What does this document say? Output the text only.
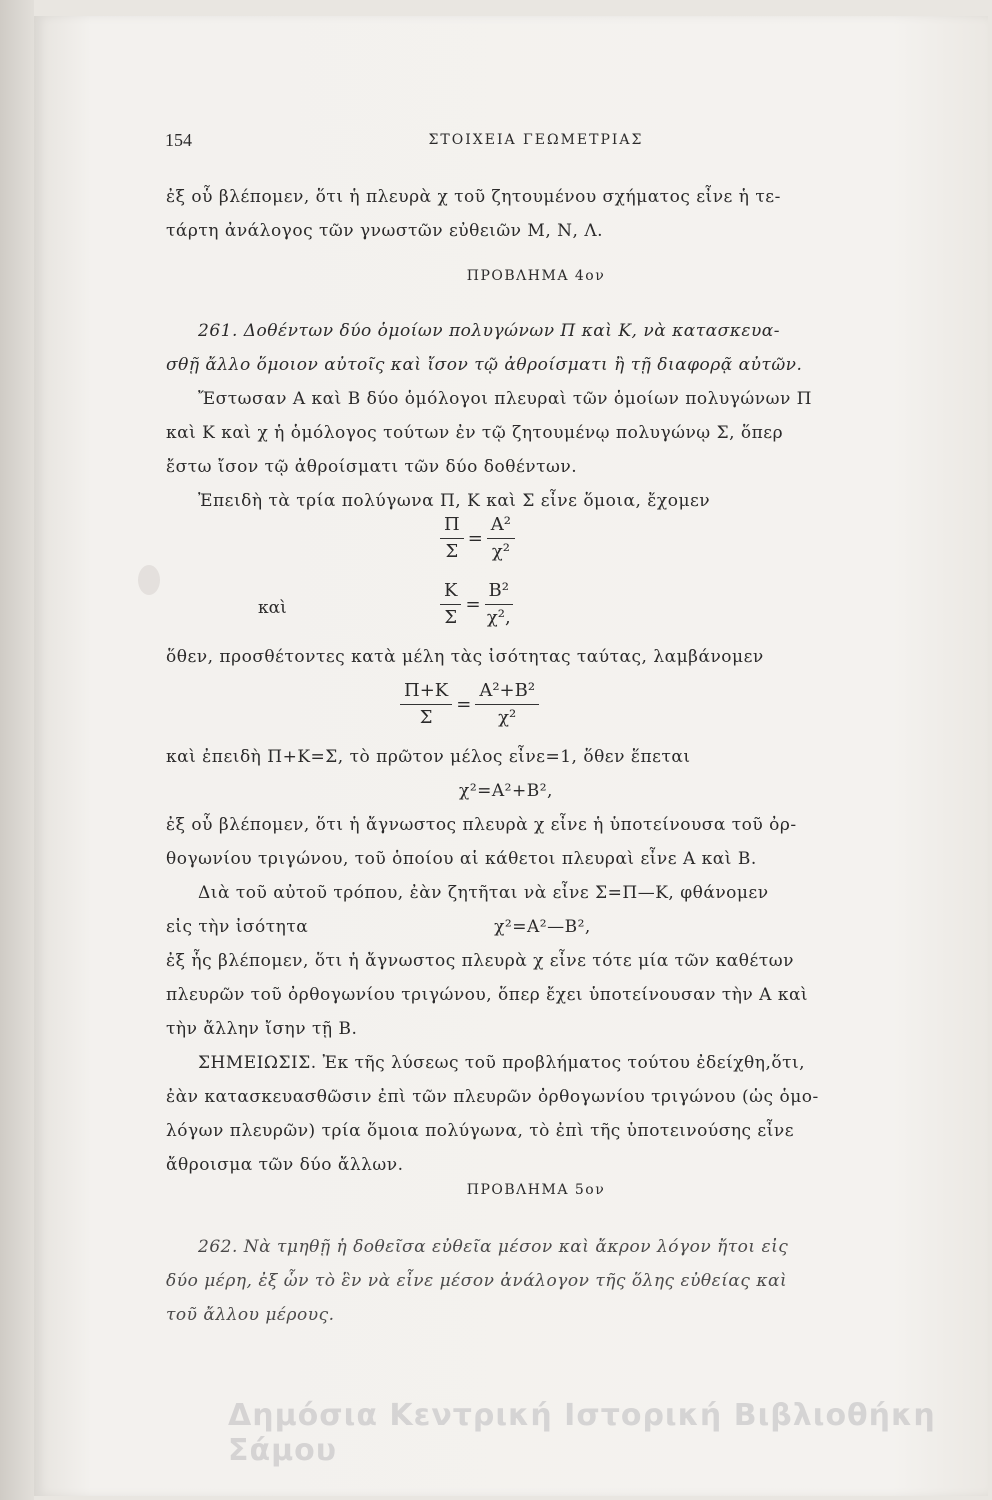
154	ΣΤΟΙΧΕΙΑ ΓΕΩΜΕΤΡΙΑΣ

ἐξ οὗ βλέπομεν, ὅτι ἡ πλευρὰ χ τοῦ ζητουμένου σχήματος εἶνε ἡ τε-

τάρτη ἀνάλογος τῶν γνωστῶν εὐθειῶν Μ, Ν, Λ.

ΠΡΟΒΛΗΜΑ 4ον

261. Δοθέντων δύο ὁμοίων πολυγώνων Π καὶ Κ, νὰ κατασκευα-

σθῇ ἄλλο ὅμοιον αὐτοῖς καὶ ἴσον τῷ ἀθροίσματι ἢ τῇ διαφορᾷ αὐτῶν.

Ἔστωσαν Α καὶ Β δύο ὁμόλογοι πλευραὶ τῶν ὁμοίων πολυγώνων Π

καὶ Κ καὶ χ ἡ ὁμόλογος τούτων ἐν τῷ ζητουμένῳ πολυγώνῳ Σ, ὅπερ

ἔστω ἴσον τῷ ἀθροίσματι τῶν δύο δοθέντων.

Ἐπειδὴ τὰ τρία πολύγωνα Π, Κ καὶ Σ εἶνε ὅμοια, ἔχομεν

$\frac{\Pi}{\Sigma} = \frac{\text{Α²}}{\text{χ²}}$
καὶ	$\frac{K}{\Sigma} = \frac{\text{Β²}}{\text{χ²,}}$

ὅθεν, προσθέτοντες κατὰ μέλη τὰς ἰσότητας ταύτας, λαμβάνομεν

$\frac{\Pi+K}{\Sigma} = \frac{\text{Α²+Β²}}{\text{χ²}}$

καὶ ἐπειδὴ Π+Κ=Σ, τὸ πρῶτον μέλος εἶνε=1, ὅθεν ἕπεται

χ²=Α²+Β²,

ἐξ οὗ βλέπομεν, ὅτι ἡ ἄγνωστος πλευρὰ χ εἶνε ἡ ὑποτείνουσα τοῦ ὀρ-

θογωνίου τριγώνου, τοῦ ὁποίου αἱ κάθετοι πλευραὶ εἶνε Α καὶ Β.

Διὰ τοῦ αὐτοῦ τρόπου, ἐὰν ζητῆται νὰ εἶνε Σ=Π—Κ, φθάνομεν

εἰς τὴν ἰσότητα	χ²=Α²—Β²,

ἐξ ἧς βλέπομεν, ὅτι ἡ ἄγνωστος πλευρὰ χ εἶνε τότε μία τῶν καθέτων

πλευρῶν τοῦ ὀρθογωνίου τριγώνου, ὅπερ ἔχει ὑποτείνουσαν τὴν Α καὶ

τὴν ἄλλην ἴσην τῇ Β.

ΣΗΜΕΙΩΣΙΣ. Ἐκ τῆς λύσεως τοῦ προβλήματος τούτου ἐδείχθη,ὅτι,

ἐὰν κατασκευασθῶσιν ἐπὶ τῶν πλευρῶν ὀρθογωνίου τριγώνου (ὡς ὁμο-

λόγων πλευρῶν) τρία ὅμοια πολύγωνα, τὸ ἐπὶ τῆς ὑποτεινούσης εἶνε

ἄθροισμα τῶν δύο ἄλλων.

ΠΡΟΒΛΗΜΑ 5ον

262. Νὰ τμηθῇ ἡ δοθεῖσα εὐθεῖα μέσον καὶ ἄκρον λόγον ἤτοι εἰς

δύο μέρη, ἐξ ὧν τὸ ἓν νὰ εἶνε μέσον ἀνάλογον τῆς ὅλης εὐθείας καὶ

τοῦ ἄλλου μέρους.

Δημόσια Κεντρική Ιστορική Βιβλιοθήκη Σάμου
